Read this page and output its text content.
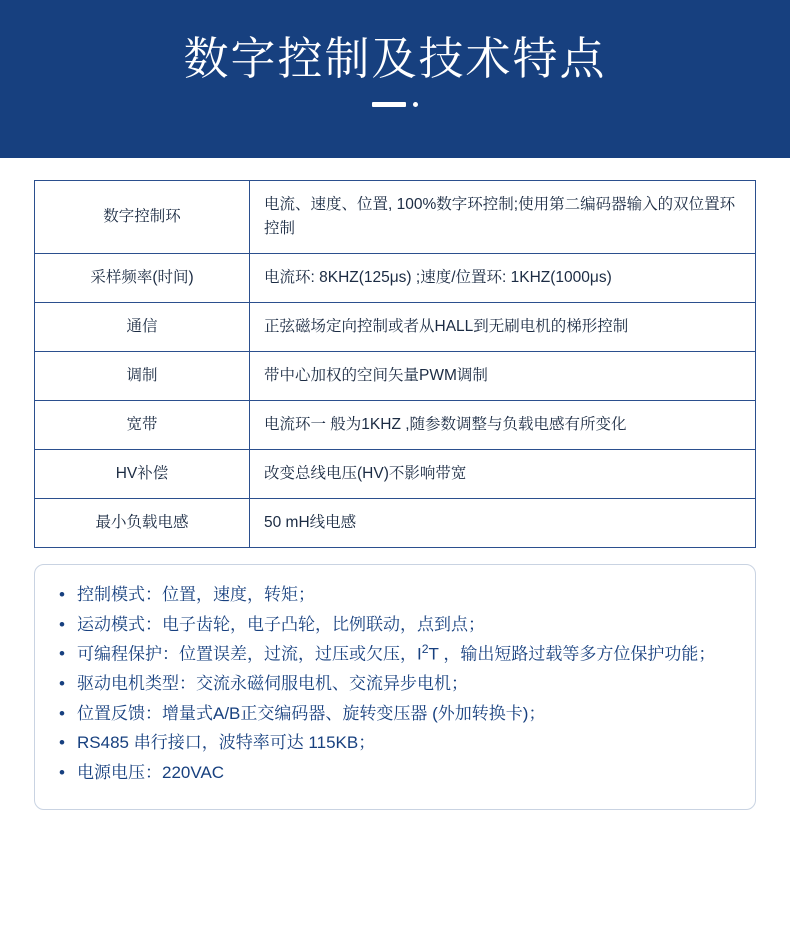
数字控制及技术特点
数字控制环	电流、速度、位置, 100%数字环控制;使用第二编码器输入的双位置环控制
采样频率(时间)	电流环: 8KHZ(125μs) ;速度/位置环: 1KHZ(1000μs)
通信	正弦磁场定向控制或者从HALL到无刷电机的梯形控制
调制	带中心加权的空间矢量PWM调制
宽带	电流环一 般为1KHZ ,随参数调整与负载电感有所变化
HV补偿	改变总线电压(HV)不影响带宽
最小负载电感	50 mH线电感
• 控制模式：位置，速度，转矩；
• 运动模式：电子齿轮，电子凸轮，比例联动，点到点；
• 可编程保护：位置误差，过流，过压或欠压，$I^2T$ ，输出短路过载等多方位保护功能；
• 驱动电机类型：交流永磁伺服电机、交流异步电机；
• 位置反馈：增量式A/B正交编码器、旋转变压器 (外加转换卡)；
• RS485 串行接口，波特率可达 115KB；
• 电源电压：220VAC
